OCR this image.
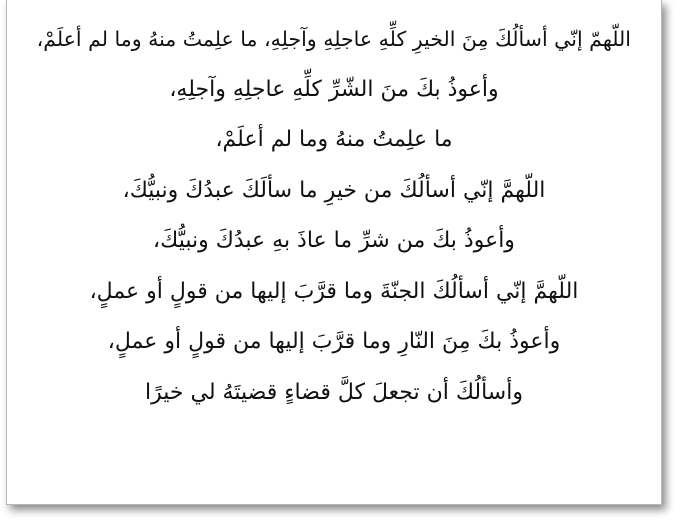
اللّهمّ إنّي أسألُكَ مِنَ الخيرِ كلِّهِ عاجلِهِ وآجلِهِ، ما علِمتُ منهُ وما لم أعلَمْ،
وأعوذُ بكَ منَ الشّرِّ كلِّهِ عاجلِهِ وآجلِهِ،
ما علِمتُ منهُ وما لم أعلَمْ،
اللّهمَّ إنّي أسألُكَ من خيرِ ما سألَكَ عبدُكَ ونبيُّكَ،
وأعوذُ بكَ من شرِّ ما عاذَ بهِ عبدُكَ ونبيُّكَ،
اللّهمَّ إنّي أسألُكَ الجنّةَ وما قرَّبَ إليها من قولٍ أو عملٍ،
وأعوذُ بكَ مِنَ النّارِ وما قرَّبَ إليها من قولٍ أو عملٍ،
وأسألُكَ أن تجعلَ كلَّ قضاءٍ قضيتَهُ لي خيرًا
